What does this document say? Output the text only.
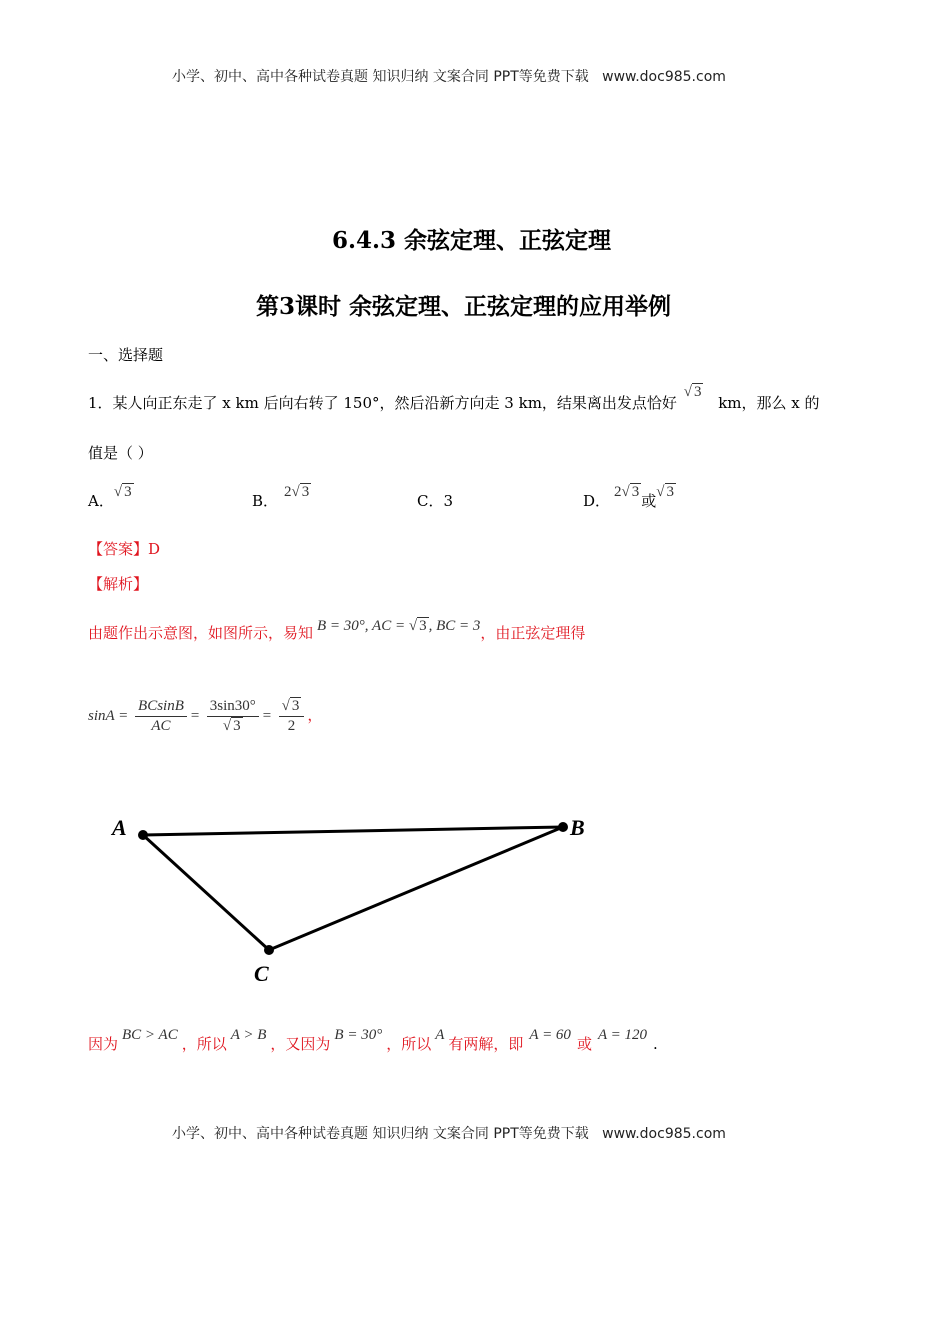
小学、初中、高中各种试卷真题 知识归纳 文案合同 PPT等免费下载 www.doc985.com
6.4.3 余弦定理、正弦定理
第3课时 余弦定理、正弦定理的应用举例
一、选择题
1．某人向正东走了 x km 后向右转了 150°，然后沿新方向走 3 km，结果离出发点恰好 √ 3 km，那么 x 的
值是（ ）
A．√ 3	B． 2√ 3	C．3	D． 2√ 3 或√ 3
【答案】D
【解析】
由题作出示意图，如图所示，易知 B = 30°, AC = √ 3 , BC = 3，由正弦定理得
$\sin A = \frac{BCsinB}{AC} = \frac{3\sin 30^\circ}{√ 3} = \frac{√ 3}{2}$ ，
A	B
C
因为 BC > AC ，所以 A > B ，又因为 B = 30° ，所以 A 有两解，即 A = 60 或 A = 120 .
小学、初中、高中各种试卷真题 知识归纳 文案合同 PPT等免费下载 www.doc985.com
